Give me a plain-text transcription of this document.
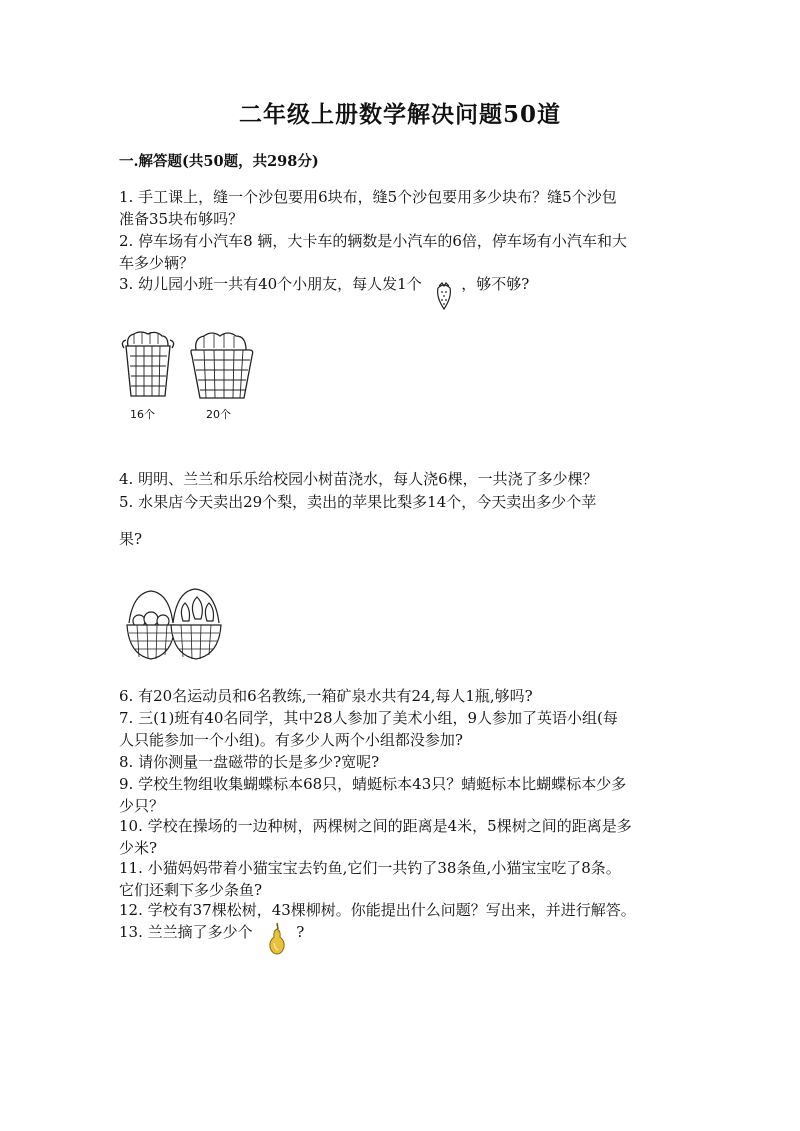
二年级上册数学解决问题50道

一.解答题(共50题，共298分)

1. 手工课上，缝一个沙包要用6块布，缝5个沙包要用多少块布？缝5个沙包
准备35块布够吗？
2. 停车场有小汽车8 辆，大卡车的辆数是小汽车的6倍，停车场有小汽车和大
车多少辆？
3. 幼儿园小班一共有40个小朋友，每人发1个	，够不够?
16个	20个
4. 明明、兰兰和乐乐给校园小树苗浇水，每人浇6棵，一共浇了多少棵？
5. 水果店今天卖出29个梨，卖出的苹果比梨多14个，今天卖出多少个苹
果?
6. 有20名运动员和6名教练,一箱矿泉水共有24,每人1瓶,够吗?
7. 三(1)班有40名同学，其中28人参加了美术小组，9人参加了英语小组(每
人只能参加一个小组)。有多少人两个小组都没参加?
8. 请你测量一盘磁带的长是多少?宽呢?
9. 学校生物组收集蝴蝶标本68只，蜻蜓标本43只？蜻蜓标本比蝴蝶标本少多
少只？
10. 学校在操场的一边种树，两棵树之间的距离是4米，5棵树之间的距离是多
少米?
11. 小猫妈妈带着小猫宝宝去钓鱼,它们一共钓了38条鱼,小猫宝宝吃了8条。
它们还剩下多少条鱼?
12. 学校有37棵松树，43棵柳树。你能提出什么问题？写出来，并进行解答。
13. 兰兰摘了多少个	?
